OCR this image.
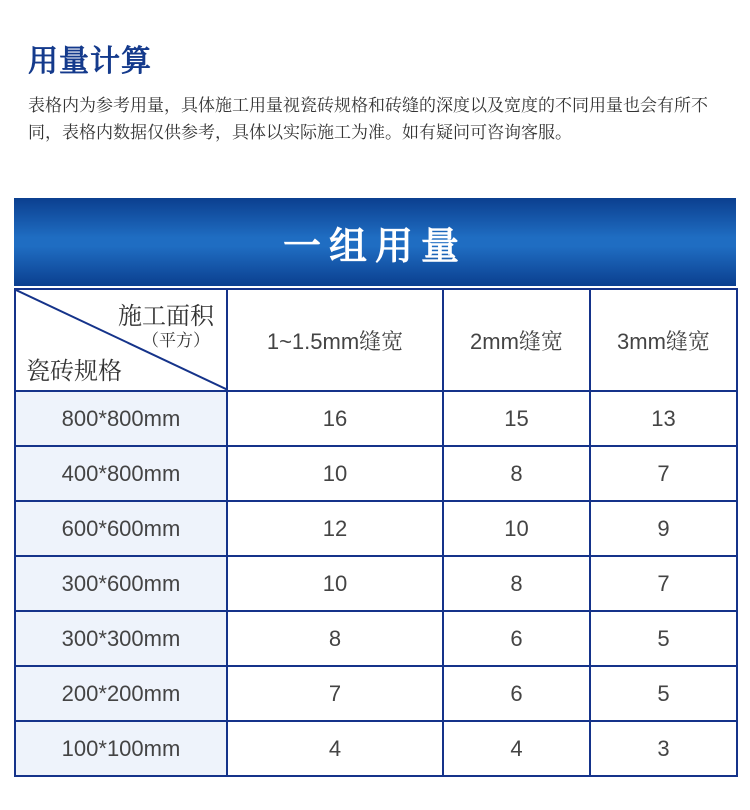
用量计算

表格内为参考用量，具体施工用量视瓷砖规格和砖缝的深度以及宽度的不同用量也会有所不同，表格内数据仅供参考，具体以实际施工为准。如有疑问可咨询客服。

一组用量
施工面积
（平方）
瓷砖规格	1~1.5mm缝宽	2mm缝宽	3mm缝宽
800*800mm	16	15	13
400*800mm	10	8	7
600*600mm	12	10	9
300*600mm	10	8	7
300*300mm	8	6	5
200*200mm	7	6	5
100*100mm	4	4	3
